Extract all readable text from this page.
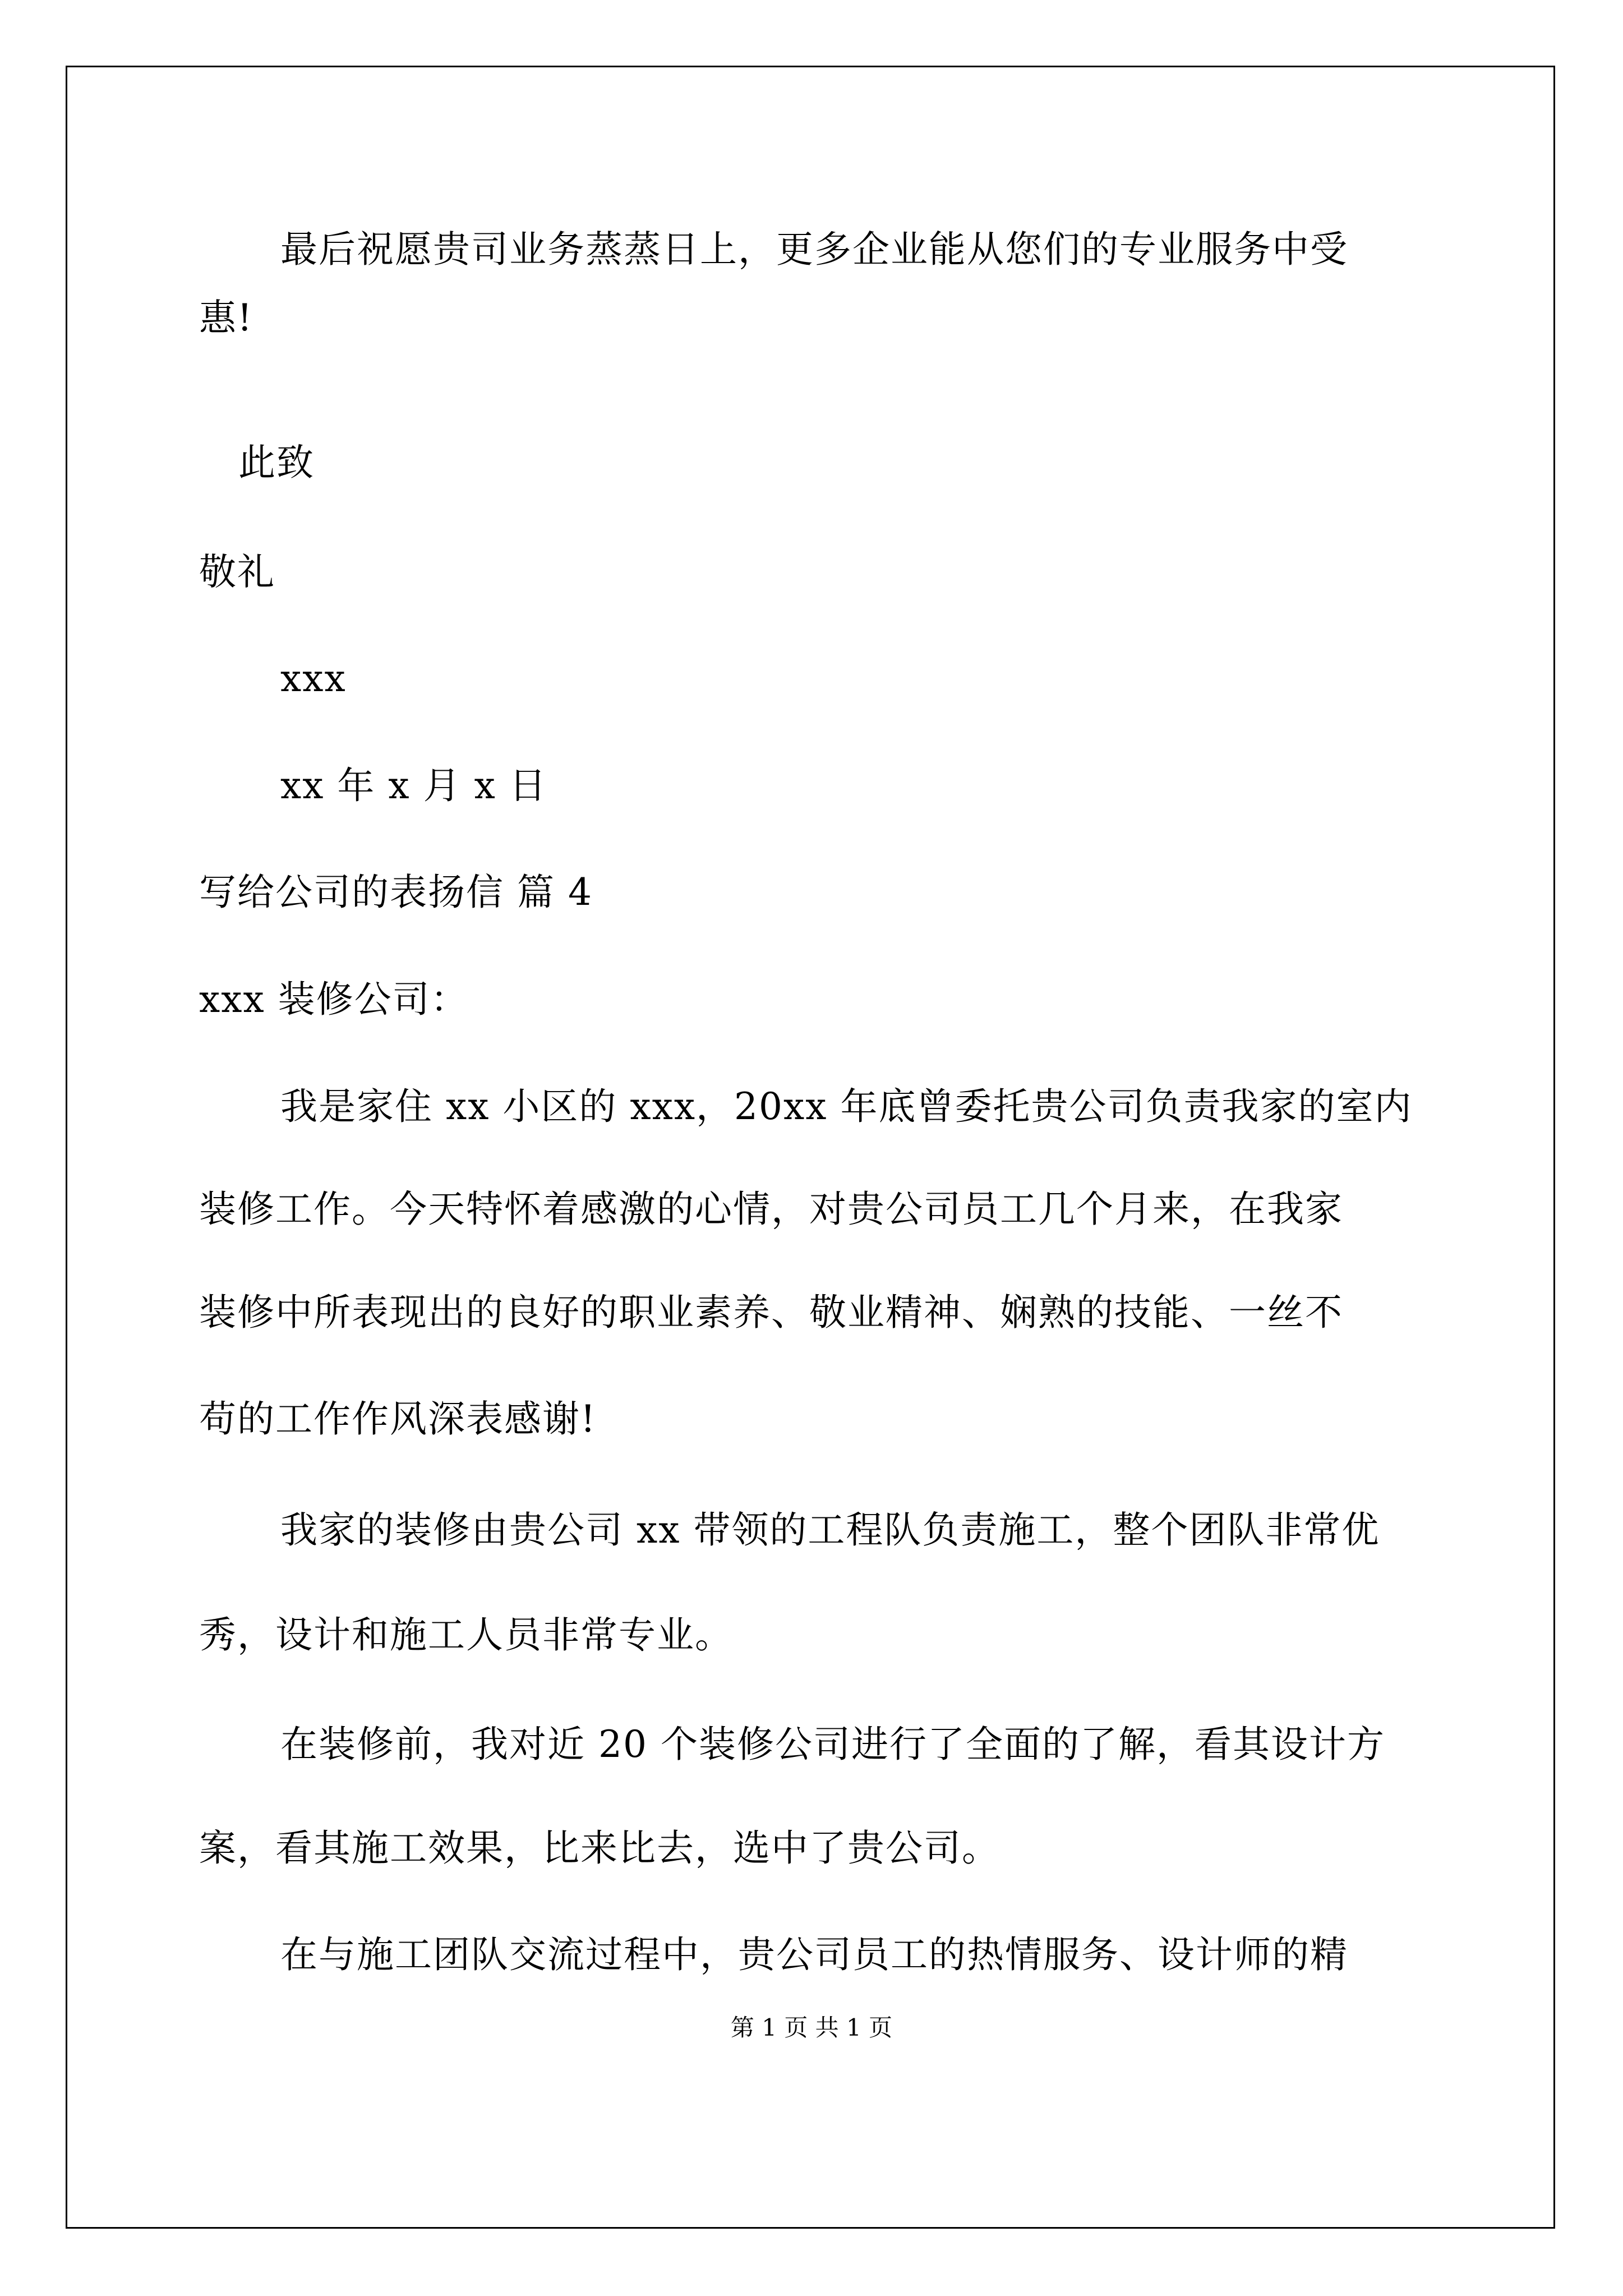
最后祝愿贵司业务蒸蒸日上，更多企业能从您们的专业服务中受
惠!
此致
敬礼
xxx
xx 年 x 月 x 日
写给公司的表扬信 篇 4
xxx 装修公司：
我是家住 xx 小区的 xxx，20xx 年底曾委托贵公司负责我家的室内
装修工作。今天特怀着感激的心情，对贵公司员工几个月来，在我家
装修中所表现出的良好的职业素养、敬业精神、娴熟的技能、一丝不
苟的工作作风深表感谢!
我家的装修由贵公司 xx 带领的工程队负责施工，整个团队非常优
秀，设计和施工人员非常专业。
在装修前，我对近 20 个装修公司进行了全面的了解，看其设计方
案，看其施工效果，比来比去，选中了贵公司。
在与施工团队交流过程中，贵公司员工的热情服务、设计师的精
第 1 页 共 1 页
